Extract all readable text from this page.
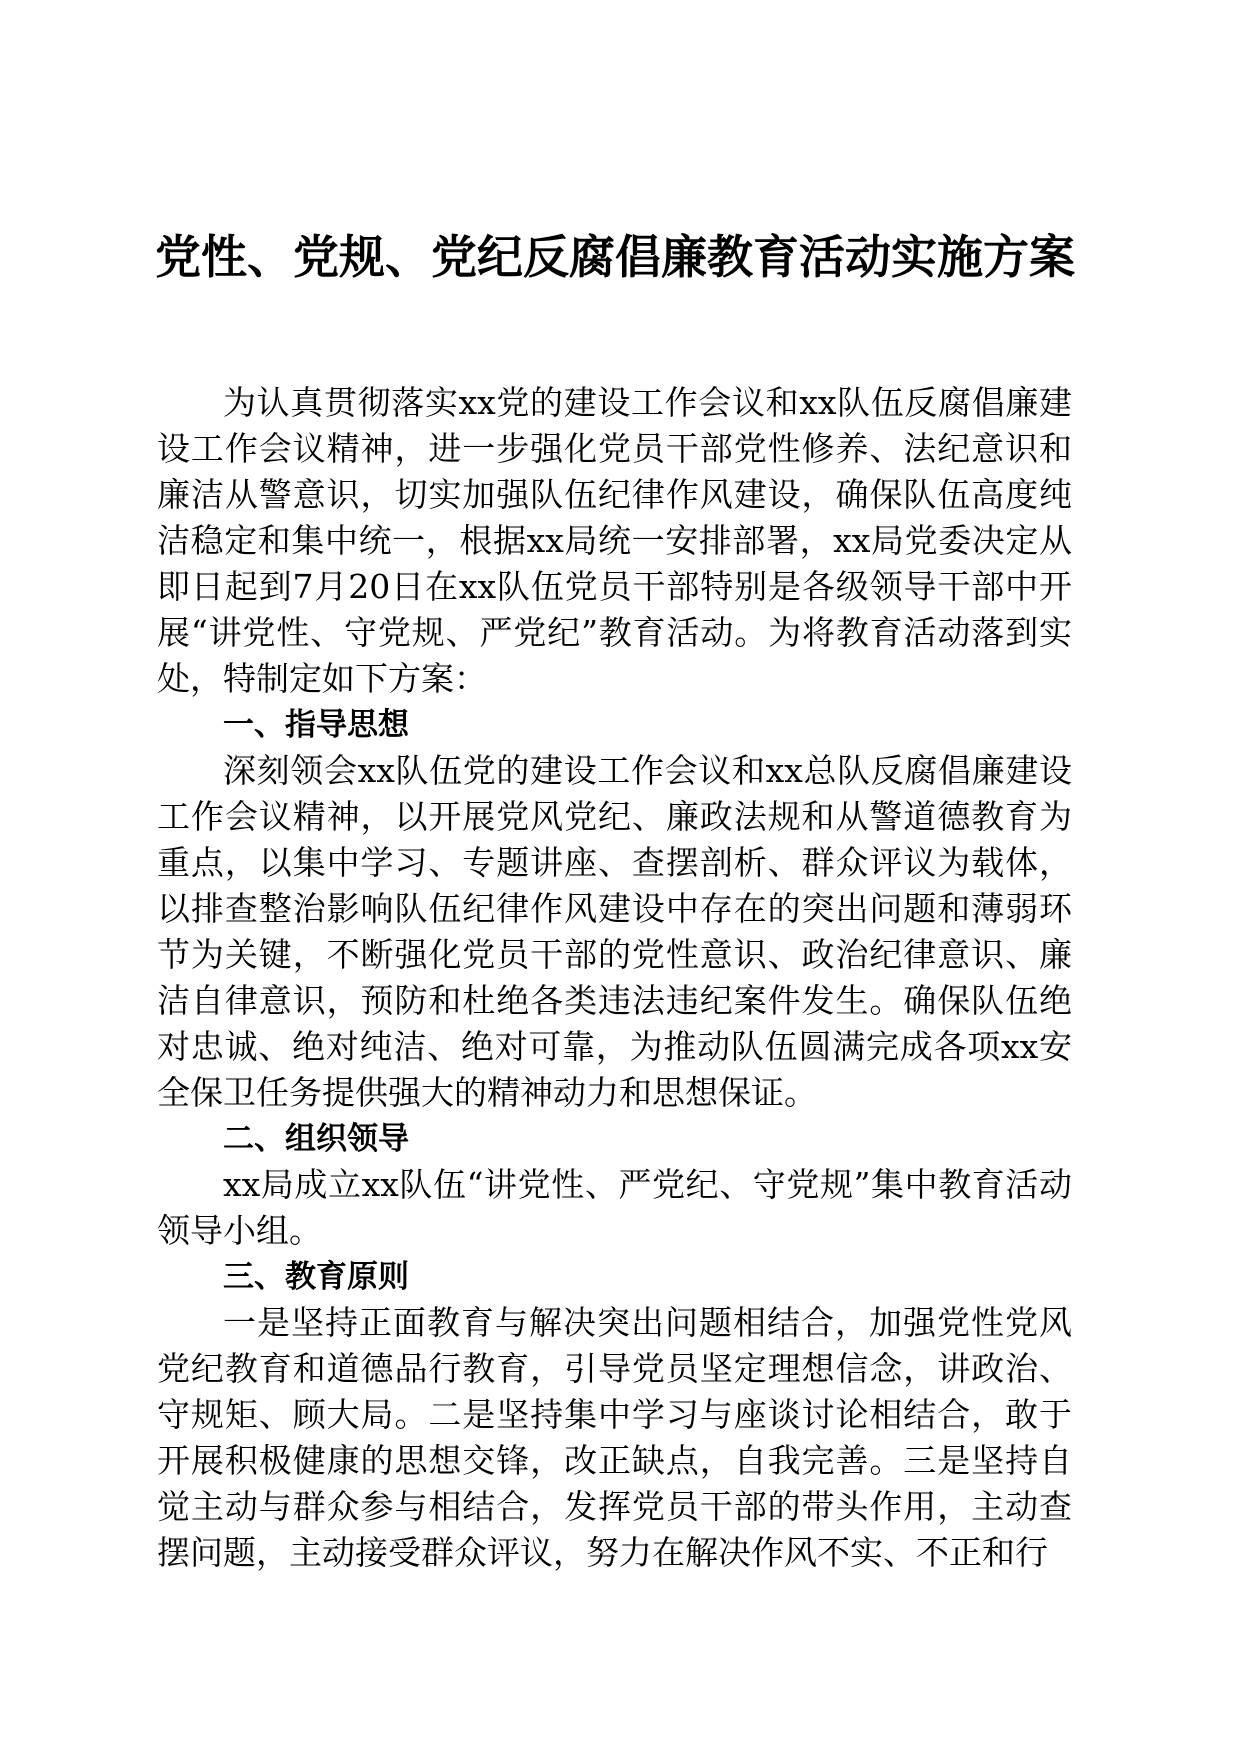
党性、党规、党纪反腐倡廉教育活动实施方案

为认真贯彻落实xx党的建设工作会议和xx队伍反腐倡廉建设工作会议精神，进一步强化党员干部党性修养、法纪意识和廉洁从警意识，切实加强队伍纪律作风建设，确保队伍高度纯洁稳定和集中统一，根据xx局统一安排部署，xx局党委决定从即日起到7月20日在xx队伍党员干部特别是各级领导干部中开展“讲党性、守党规、严党纪”教育活动。为将教育活动落到实处，特制定如下方案：

一、指导思想

深刻领会xx队伍党的建设工作会议和xx总队反腐倡廉建设工作会议精神，以开展党风党纪、廉政法规和从警道德教育为重点，以集中学习、专题讲座、查摆剖析、群众评议为载体，以排查整治影响队伍纪律作风建设中存在的突出问题和薄弱环节为关键，不断强化党员干部的党性意识、政治纪律意识、廉洁自律意识，预防和杜绝各类违法违纪案件发生。确保队伍绝对忠诚、绝对纯洁、绝对可靠，为推动队伍圆满完成各项xx安全保卫任务提供强大的精神动力和思想保证。

二、组织领导

xx局成立xx队伍“讲党性、严党纪、守党规”集中教育活动领导小组。

三、教育原则

一是坚持正面教育与解决突出问题相结合，加强党性党风党纪教育和道德品行教育，引导党员坚定理想信念，讲政治、守规矩、顾大局。二是坚持集中学习与座谈讨论相结合，敢于开展积极健康的思想交锋，改正缺点，自我完善。三是坚持自觉主动与群众参与相结合，发挥党员干部的带头作用，主动查摆问题，主动接受群众评议，努力在解决作风不实、不正和行
